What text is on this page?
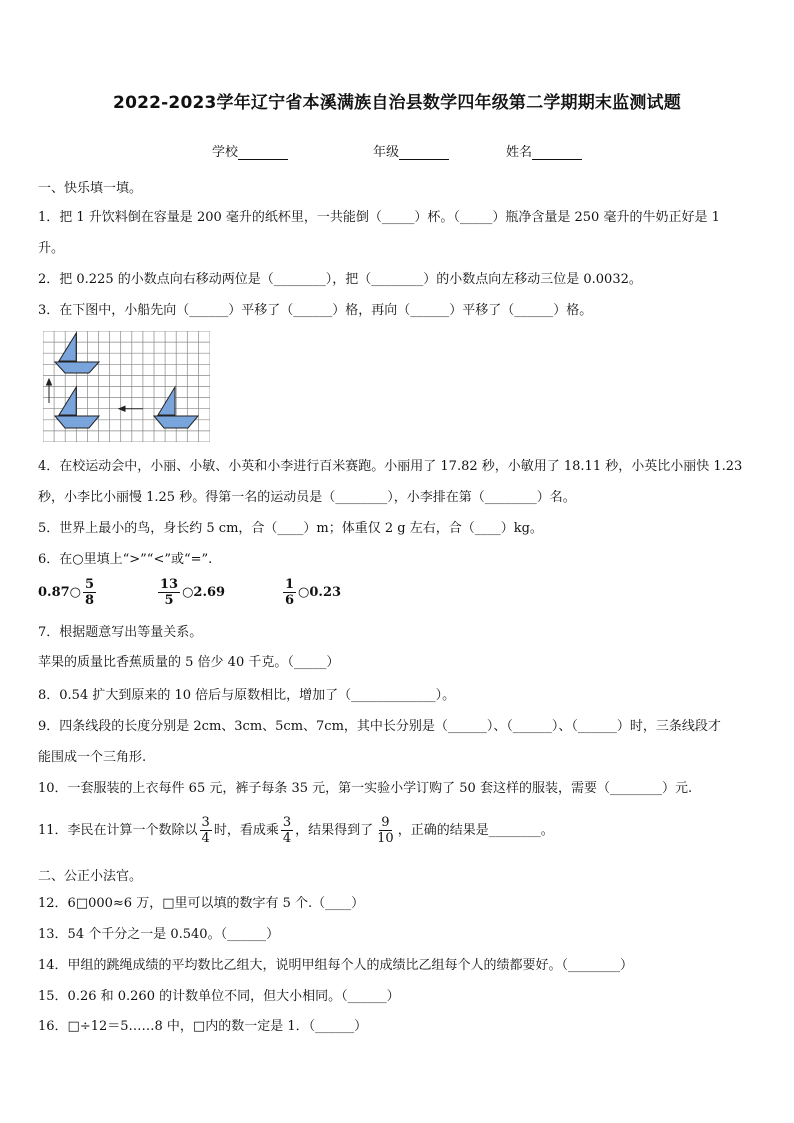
2022-2023学年辽宁省本溪满族自治县数学四年级第二学期期末监测试题
学校	年级	姓名
一、快乐填一填。
1．把 1 升饮料倒在容量是 200 毫升的纸杯里，一共能倒（_____）杯。（_____）瓶净含量是 250 毫升的牛奶正好是 1
升。
2．把 0.225 的小数点向右移动两位是（________），把（________）的小数点向左移动三位是 0.0032。
3．在下图中，小船先向（______）平移了（______）格，再向（______）平移了（______）格。
4．在校运动会中，小丽、小敏、小英和小李进行百米赛跑。小丽用了 17.82 秒，小敏用了 18.11 秒，小英比小丽快 1.23
秒，小李比小丽慢 1.25 秒。得第一名的运动员是（________），小李排在第（________）名。
5．世界上最小的鸟，身长约 5 cm，合（____）m；体重仅 2 g 左右，合（____）kg。
6．在○里填上“>”“<”或“=”.
0.87○ $\frac{5}{8}$	$\frac{13}{5}$ ○2.69	$\frac{1}{6}$ ○0.23
7．根据题意写出等量关系。
苹果的质量比香蕉质量的 5 倍少 40 千克。（_____）
8．0.54 扩大到原来的 10 倍后与原数相比，增加了（_____________）。
9．四条线段的长度分别是 2cm、3cm、5cm、7cm，其中长分别是（______）、（______）、（______）时，三条线段才
能围成一个三角形.
10．一套服装的上衣每件 65 元，裤子每条 35 元，第一实验小学订购了 50 套这样的服装，需要（________）元.
11．李民在计算一个数除以 $\frac{3}{4}$ 时，看成乘 $\frac{3}{4}$ ，结果得到了 $\frac{9}{10}$ ，正确的结果是________。
二、公正小法官。
12．6□000≈6 万，□里可以填的数字有 5 个.（____）
13．54 个千分之一是 0.540。（______）
14．甲组的跳绳成绩的平均数比乙组大，说明甲组每个人的成绩比乙组每个人的绩都要好。（________）
15．0.26 和 0.260 的计数单位不同，但大小相同。（______）
16．□÷12＝5……8 中，□内的数一定是 1．（______）
